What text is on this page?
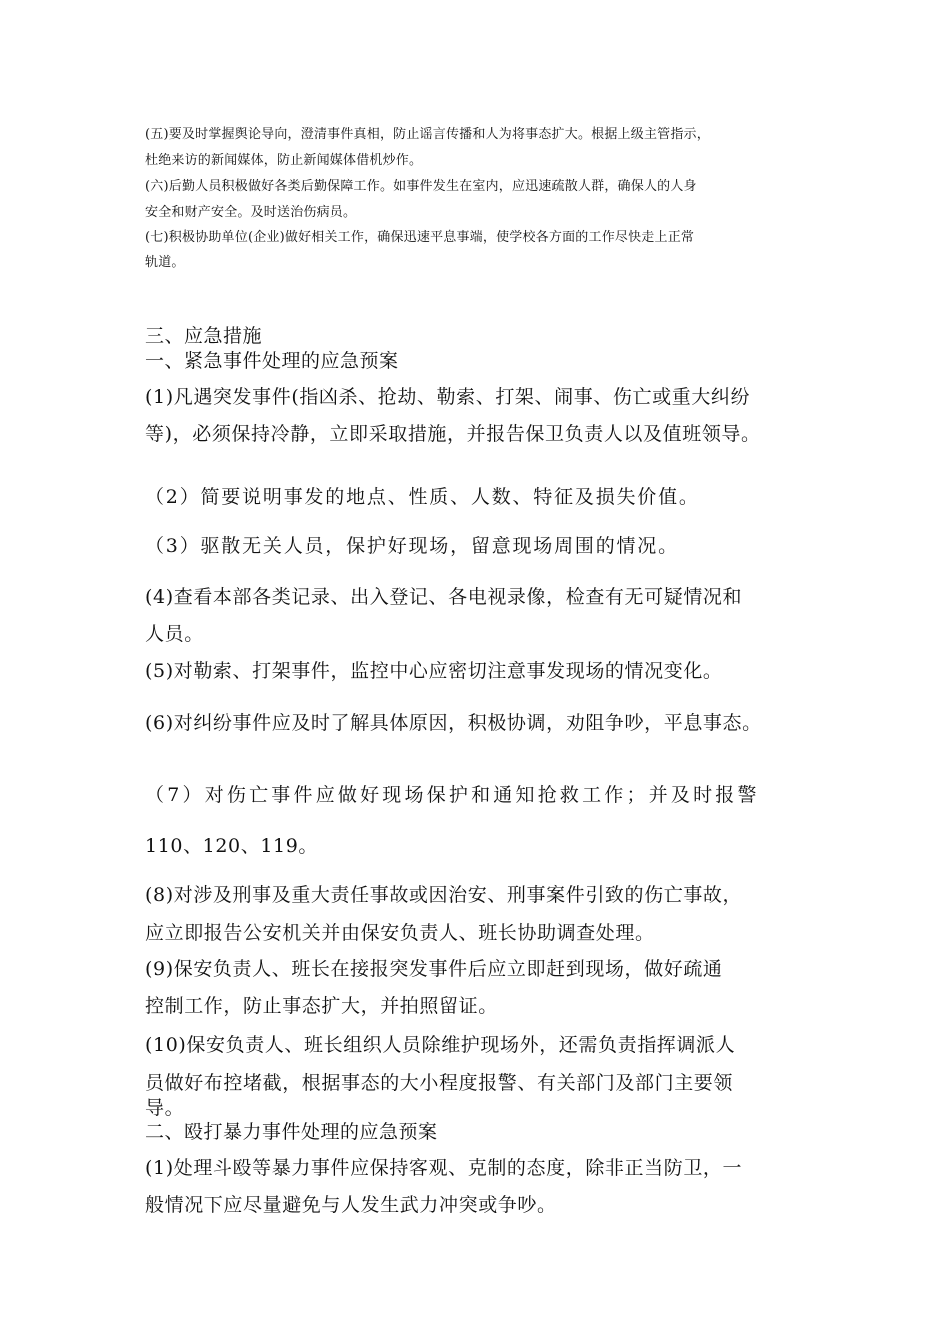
(五)要及时掌握舆论导向，澄清事件真相，防止谣言传播和人为将事态扩大。根据上级主管指示，

杜绝来访的新闻媒体，防止新闻媒体借机炒作。

(六)后勤人员积极做好各类后勤保障工作。如事件发生在室内，应迅速疏散人群，确保人的人身

安全和财产安全。及时送治伤病员。

(七)积极协助单位(企业)做好相关工作，确保迅速平息事端，使学校各方面的工作尽快走上正常

轨道。

三、应急措施

一、紧急事件处理的应急预案

(1)凡遇突发事件(指凶杀、抢劫、勒索、打架、闹事、伤亡或重大纠纷

等)，必须保持冷静，立即采取措施，并报告保卫负责人以及值班领导。

（2）简要说明事发的地点、性质、人数、特征及损失价值。

（3）驱散无关人员，保护好现场，留意现场周围的情况。

(4)查看本部各类记录、出入登记、各电视录像，检查有无可疑情况和

人员。

(5)对勒索、打架事件，监控中心应密切注意事发现场的情况变化。

(6)对纠纷事件应及时了解具体原因，积极协调，劝阻争吵，平息事态。

（7）对伤亡事件应做好现场保护和通知抢救工作；并及时报警

110、120、119。

(8)对涉及刑事及重大责任事故或因治安、刑事案件引致的伤亡事故，

应立即报告公安机关并由保安负责人、班长协助调查处理。

(9)保安负责人、班长在接报突发事件后应立即赶到现场，做好疏通

控制工作，防止事态扩大，并拍照留证。

(10)保安负责人、班长组织人员除维护现场外，还需负责指挥调派人

员做好布控堵截，根据事态的大小程度报警、有关部门及部门主要领

导。

二、殴打暴力事件处理的应急预案

(1)处理斗殴等暴力事件应保持客观、克制的态度，除非正当防卫，一

般情况下应尽量避免与人发生武力冲突或争吵。
